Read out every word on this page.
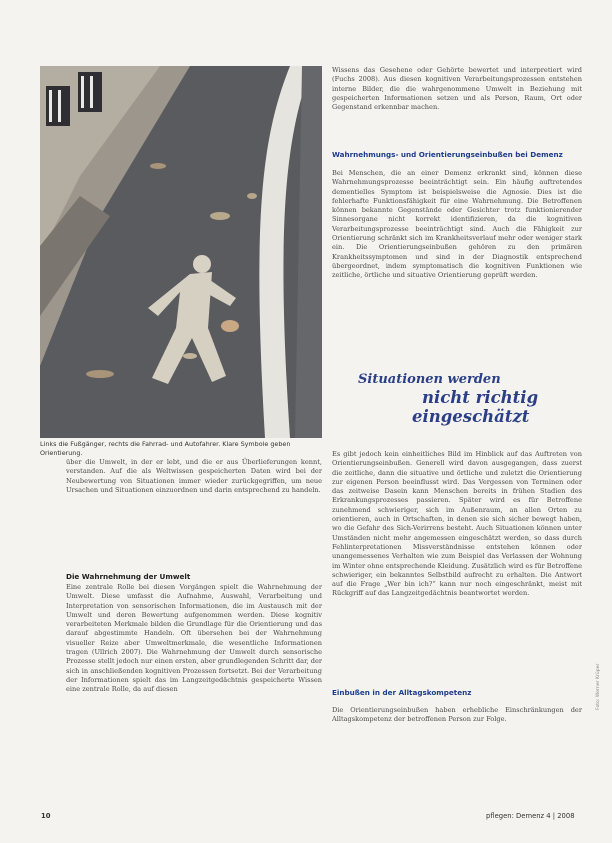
Links die Fußgänger, rechts die Fahrrad- und Autofahrer. Klare Symbole geben Orientierung.

über die Umwelt, in der er lebt, und die er aus Überlieferungen kennt, verstanden. Auf die als Weltwissen gespeicherten Daten wird bei der Neubewertung von Situationen immer wieder zurückgegriffen, um neue Ursachen und Situationen einzuordnen und darin entsprechend zu handeln.

Die Wahrnehmung der Umwelt

Eine zentrale Rolle bei diesen Vorgängen spielt die Wahrnehmung der Umwelt. Diese umfasst die Aufnahme, Auswahl, Verarbeitung und Interpretation von sensorischen Informationen, die im Austausch mit der Umwelt und deren Bewertung aufgenommen werden. Diese kognitiv verarbeiteten Merkmale bilden die Grundlage für die Orientierung und das darauf abgestimmte Handeln. Oft übersehen bei der Wahrnehmung visueller Reize aber Umweltmerkmale, die wesentliche Informationen tragen (Ullrich 2007). Die Wahrnehmung der Umwelt durch sensorische Prozesse stellt jedoch nur einen ersten, aber grundlegenden Schritt dar, der sich in anschließenden kognitiven Prozessen fortsetzt. Bei der Verarbeitung der Informationen spielt das im Langzeitgedächtnis gespeicherte Wissen eine zentrale Rolle, da auf diesen

Wissens das Gesehene oder Gehörte bewertet und interpretiert wird (Fuchs 2008). Aus diesen kognitiven Verarbeitungsprozessen entstehen interne Bilder, die die wahrgenommene Umwelt in Beziehung mit gespeicherten Informationen setzen und als Person, Raum, Ort oder Gegenstand erkennbar machen.

Wahrnehmungs- und Orientierungseinbußen bei Demenz

Bei Menschen, die an einer Demenz erkrankt sind, können diese Wahrnehmungsprozesse beeinträchtigt sein. Ein häufig auftretendes dementielles Symptom ist beispielsweise die Agnosie. Dies ist die fehlerhafte Funktionsfähigkeit für eine Wahrnehmung. Die Betroffenen können bekannte Gegenstände oder Gesichter trotz funktionierender Sinnesorgane nicht korrekt identifizieren, da die kognitiven Verarbeitungsprozesse beeinträchtigt sind. Auch die Fähigkeit zur Orientierung schränkt sich im Krankheitsverlauf mehr oder weniger stark ein. Die Orientierungseinbußen gehören zu den primären Krankheitssymptomen und sind in der Diagnostik entsprechend übergeordnet, indem symptomatisch die kognitiven Funktionen wie zeitliche, örtliche und situative Orientierung geprüft werden.

Situationen werden
nicht richtig
eingeschätzt

Es gibt jedoch kein einheitliches Bild im Hinblick auf das Auftreten von Orientierungseinbußen. Generell wird davon ausgegangen, dass zuerst die zeitliche, dann die situative und örtliche und zuletzt die Orientierung zur eigenen Person beeinflusst wird. Das Vergessen von Terminen oder das zeitweise Dasein kann Menschen bereits in frühen Stadien des Erkrankungsprozesses passieren. Später wird es für Betroffene zunehmend schwieriger, sich im Außenraum, an allen Orten zu orientieren, auch in Ortschaften, in denen sie sich sicher bewegt haben, wo die Gefahr des Sich-Verirrens besteht. Auch Situationen können unter Umständen nicht mehr angemessen eingeschätzt werden, so dass durch Fehlinterpretationen Missverständnisse entstehen können oder unangemessenes Verhalten wie zum Beispiel das Verlassen der Wohnung im Winter ohne entsprechende Kleidung. Zusätzlich wird es für Betroffene schwieriger, ein bekanntes Selbstbild aufrecht zu erhalten. Die Antwort auf die Frage „Wer bin ich?“ kann nur noch eingeschränkt, meist mit Rückgriff auf das Langzeitgedächtnis beantwortet werden.

Einbußen in der Alltagskompetenz

Die Orientierungseinbußen haben erhebliche Einschränkungen der Alltagskompetenz der betroffenen Person zur Folge.

Foto: Werner Krüper
10	pflegen: Demenz 4 | 2008
